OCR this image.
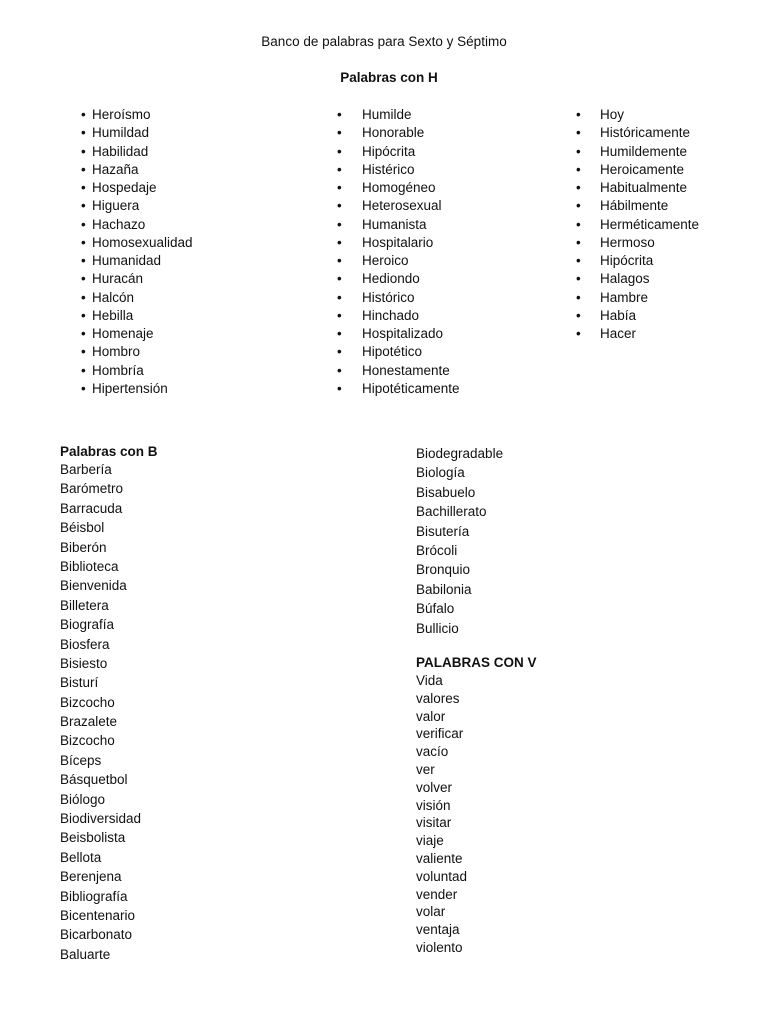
Banco de palabras para Sexto y Séptimo
Palabras con H
• Heroísmo
• Humildad
• Habilidad
• Hazaña
• Hospedaje
• Higuera
• Hachazo
• Homosexualidad
• Humanidad
• Huracán
• Halcón
• Hebilla
• Homenaje
• Hombro
• Hombría
• Hipertensión
• Humilde
• Honorable
• Hipócrita
• Histérico
• Homogéneo
• Heterosexual
• Humanista
• Hospitalario
• Heroico
• Hediondo
• Histórico
• Hinchado
• Hospitalizado
• Hipotético
• Honestamente
• Hipotéticamente
• Hoy
• Históricamente
• Humildemente
• Heroicamente
• Habitualmente
• Hábilmente
• Herméticamente
• Hermoso
• Hipócrita
• Halagos
• Hambre
• Había
• Hacer
Palabras con B
Barbería
Barómetro
Barracuda
Béisbol
Biberón
Biblioteca
Bienvenida
Billetera
Biografía
Biosfera
Bisiesto
Bisturí
Bizcocho
Brazalete
Bizcocho
Bíceps
Básquetbol
Biólogo
Biodiversidad
Beisbolista
Bellota
Berenjena
Bibliografía
Bicentenario
Bicarbonato
Baluarte
Biodegradable
Biología
Bisabuelo
Bachillerato
Bisutería
Brócoli
Bronquio
Babilonia
Búfalo
Bullicio
PALABRAS CON V
Vida
valores
valor
verificar
vacío
ver
volver
visión
visitar
viaje
valiente
voluntad
vender
volar
ventaja
violento
